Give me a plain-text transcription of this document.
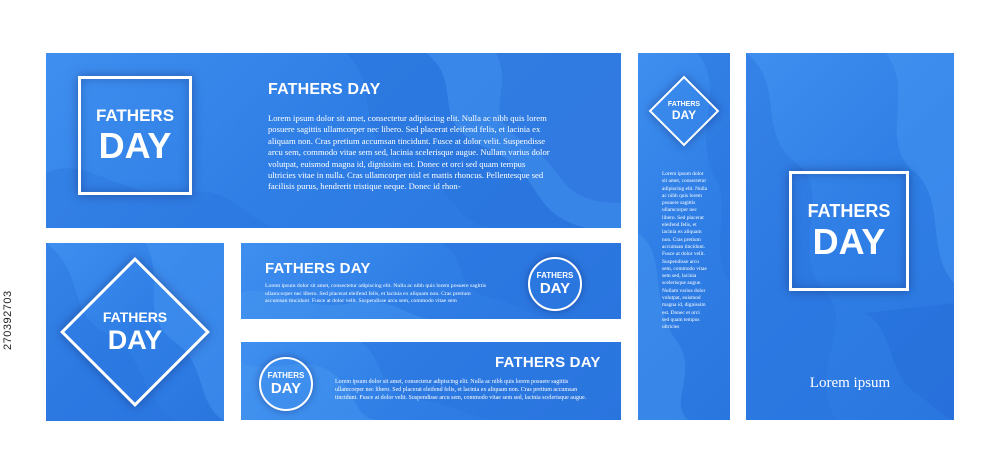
FATHERS
DAY
FATHERS DAY
Lorem ipsum dolor sit amet, consectetur adipiscing elit. Nulla ac nibh quis lorem posuere sagittis ullamcorper nec libero. Sed placerat eleifend felis, et lacinia ex aliquam non. Cras pretium accumsan tincidunt. Fusce at dolor velit. Suspendisse arcu sem, commodo vitae sem sed, lacinia scelerisque augue. Nullam varius dolor volutpat, euismod magna id, dignissim est. Donec et orci sed quam tempus ultricies vitae in nulla. Cras ullamcorper nisl et mattis rhoncus. Pellentesque sed facilisis purus, hendrerit tristique neque. Donec id rhon-
FATHERS
DAY
FATHERS DAY
Lorem ipsum dolor sit amet, consectetur adipiscing elit. Nulla ac nibh quis lorem posuere sagittis ullamcorper nec libero. Sed placerat eleifend felis, et lacinia ex aliquam non. Cras pretium accumsan tincidunt. Fusce at dolor velit. Suspendisse arcu sem, commodo vitae sem
FATHERS
DAY
FATHERS
DAY
FATHERS DAY
Lorem ipsum dolor sit amet, consectetur adipiscing elit. Nulla ac nibh quis lorem posuere sagittis ullamcorper nec libero. Sed placerat eleifend felis, et lacinia ex aliquam non. Cras pretium accumsan tincidunt. Fusce at dolor velit. Suspendisse arcu sem, commodo vitae sem sed, lacinia scelerisque augue.
FATHERS
DAY
Lorem ipsum dolor sit amet, consectetur adipiscing elit. Nulla ac nibh quis lorem posuere sagittis ullamcorper nec libero. Sed placerat eleifend felis, et lacinia ex aliquam non. Cras pretium accumsan tincidunt. Fusce at dolor velit. Suspendisse arcu sem, commodo vitae sem sed, lacinia scelerisque augue. Nullam varius dolor volutpat, euismod magna id, dignissim est. Donec et orci sed quam tempus ultricies
FATHERS
DAY
Lorem ipsum
270392703
